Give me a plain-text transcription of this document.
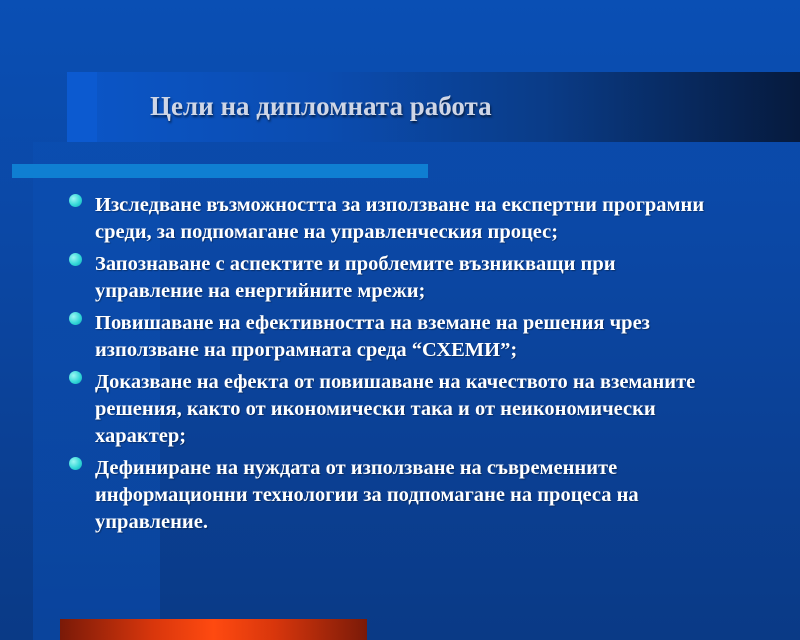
Цели на дипломната работа
Изследване възможността за използване на експертни програмни среди, за подпомагане на управленческия процес;
Запознаване с аспектите и проблемите възникващи при управление на енергийните мрежи;
Повишаване на ефективността на вземане на решения чрез използване на програмната среда “СХЕМИ”;
Доказване на ефекта от повишаване на качеството на вземаните решения, както от икономически така и от неикономически характер;
Дефиниране на нуждата от използване на съвременните информационни технологии за подпомагане на процеса на управление.
